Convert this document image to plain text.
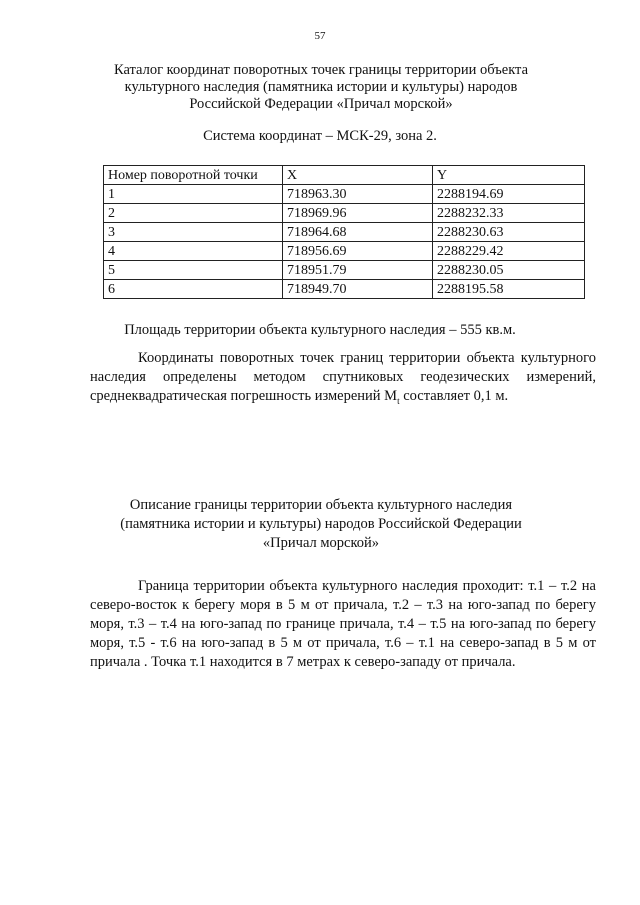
57
Каталог координат поворотных точек границы территории объекта культурного наследия (памятника истории и культуры) народов Российской Федерации «Причал морской»
Система координат – МСК-29, зона 2.
Номер поворотной точки	X	Y
1	718963.30	2288194.69
2	718969.96	2288232.33
3	718964.68	2288230.63
4	718956.69	2288229.42
5	718951.79	2288230.05
6	718949.70	2288195.58
Площадь территории объекта культурного наследия – 555 кв.м.
Координаты поворотных точек границ территории объекта культурного наследия определены методом спутниковых геодезических измерений, среднеквадратическая погрешность измерений $M_t$ составляет 0,1 м.
Описание границы территории объекта культурного наследия (памятника истории и культуры) народов Российской Федерации «Причал морской»
Граница территории объекта культурного наследия проходит: т.1 – т.2 на северо-восток к берегу моря в 5 м от причала, т.2 – т.3 на юго-запад по берегу моря, т.3 – т.4 на юго-запад по границе причала, т.4 – т.5 на юго-запад по берегу моря, т.5 - т.6 на юго-запад в 5 м от причала, т.6 – т.1 на северо-запад в 5 м от причала . Точка т.1 находится в 7 метрах к северо-западу от причала.
